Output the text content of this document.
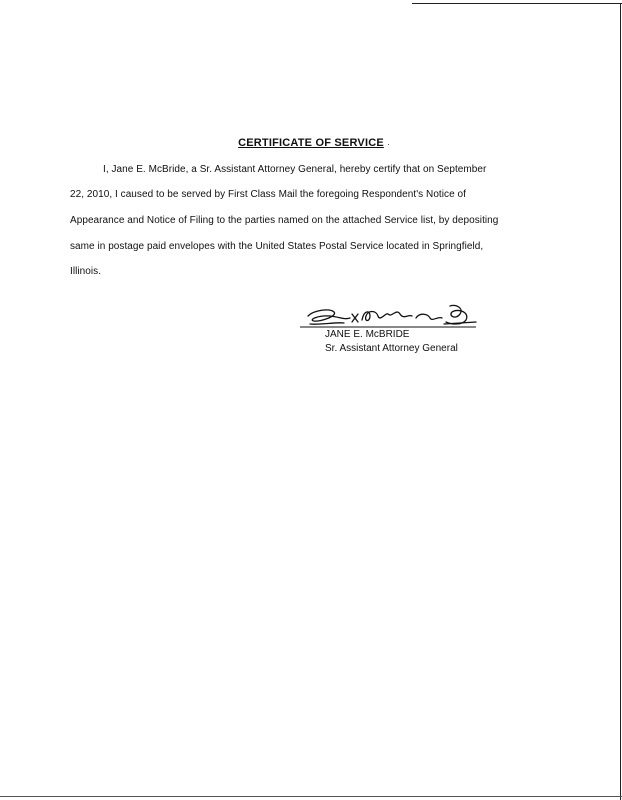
CERTIFICATE OF SERVICE ·
I, Jane E. McBride, a Sr. Assistant Attorney General, hereby certify that on September
22, 2010, I caused to be served by First Class Mail the foregoing Respondent's Notice of
Appearance and Notice of Filing to the parties named on the attached Service list, by depositing
same in postage paid envelopes with the United States Postal Service located in Springfield,
Illinois.
JANE E. McBRIDE
Sr. Assistant Attorney General
